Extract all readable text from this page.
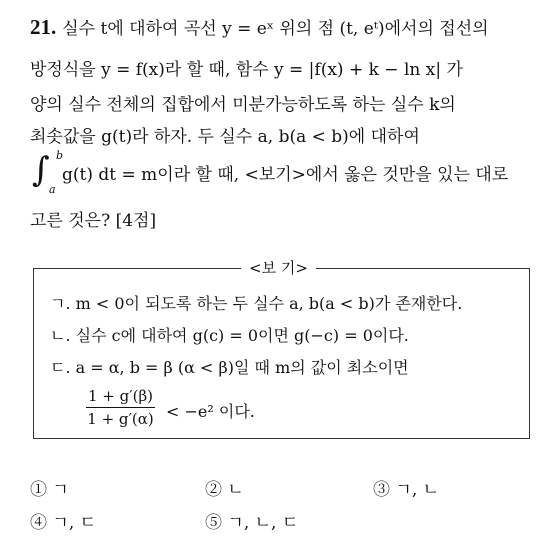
21. 실수 t에 대하여 곡선 y = eˣ 위의 점 (t, eᵗ)에서의 접선의
방정식을 y = f(x)라 할 때, 함수 y = |f(x) + k − ln x| 가
양의 실수 전체의 집합에서 미분가능하도록 하는 실수 k의
최솟값을 g(t)라 하자. 두 실수 a, b(a < b)에 대하여
∫ b
a
g(t) dt = m이라 할 때, <보기>에서 옳은 것만을 있는 대로
고른 것은? [4점]
<보 기>
ㄱ. m < 0이 되도록 하는 두 실수 a, b(a < b)가 존재한다.
ㄴ. 실수 c에 대하여 g(c) = 0이면 g(−c) = 0이다.
ㄷ. a = α, b = β (α < β)일 때 m의 값이 최소이면
$\frac{1 + g'(\beta)}{1 + g'(\alpha)} < -e^2$ 이다.
① ㄱ	② ㄴ	③ ㄱ, ㄴ
④ ㄱ, ㄷ	⑤ ㄱ, ㄴ, ㄷ
